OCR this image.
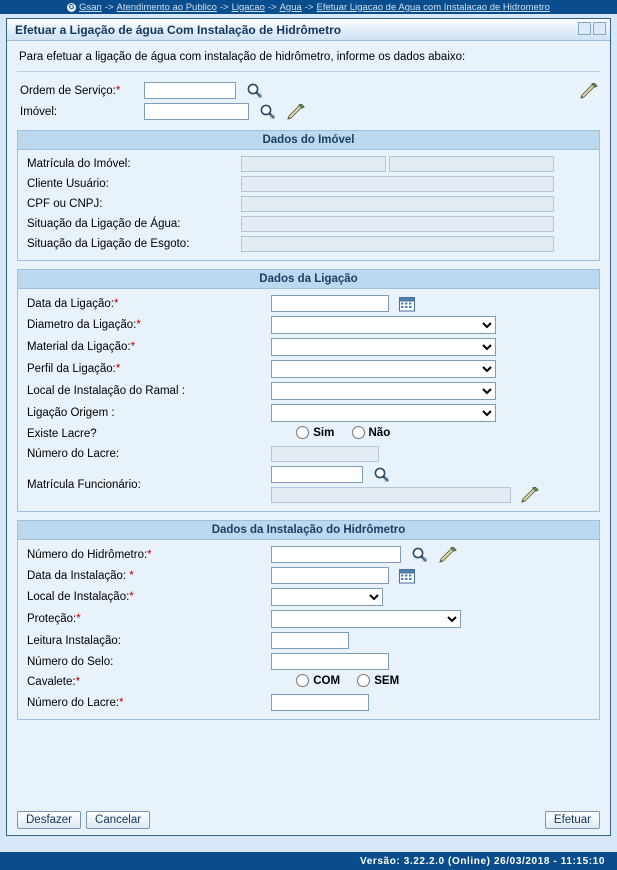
G Gsan -> Atendimento ao Publico -> Ligacao -> Agua -> Efetuar Ligacao de Agua com Instalacao de Hidrometro
Efetuar a Ligação de água Com Instalação de Hidrômetro
Para efetuar a ligação de água com instalação de hidrômetro, informe os dados abaixo:
Ordem de Serviço:*		
Imóvel:		
Dados do Imóvel
Matrícula do Imóvel:	
Cliente Usuário:	
CPF ou CNPJ:	
Situação da Ligação de Água:	
Situação da Ligação de Esgoto:	
Dados da Ligação
Data da Ligação:*	
Diametro da Ligação:*	

Material da Ligação:*	

Perfil da Ligação:*	

Local de Instalação do Ramal :	

Ligação Origem :	

Existe Lacre?	Sim
Não

Número do Lacre:	
Matrícula Funcionário:	

Dados da Instalação do Hidrômetro
Número do Hidrômetro:*	
Data da Instalação: *	
Local de Instalação:*	

Proteção:*	

Leitura Instalação:	
Número do Selo:	
Cavalete:*	COM
SEM

Número do Lacre:*	
Desfazer	Cancelar	Efetuar
Versão: 3.22.2.0 (Online) 26/03/2018 - 11:15:10
